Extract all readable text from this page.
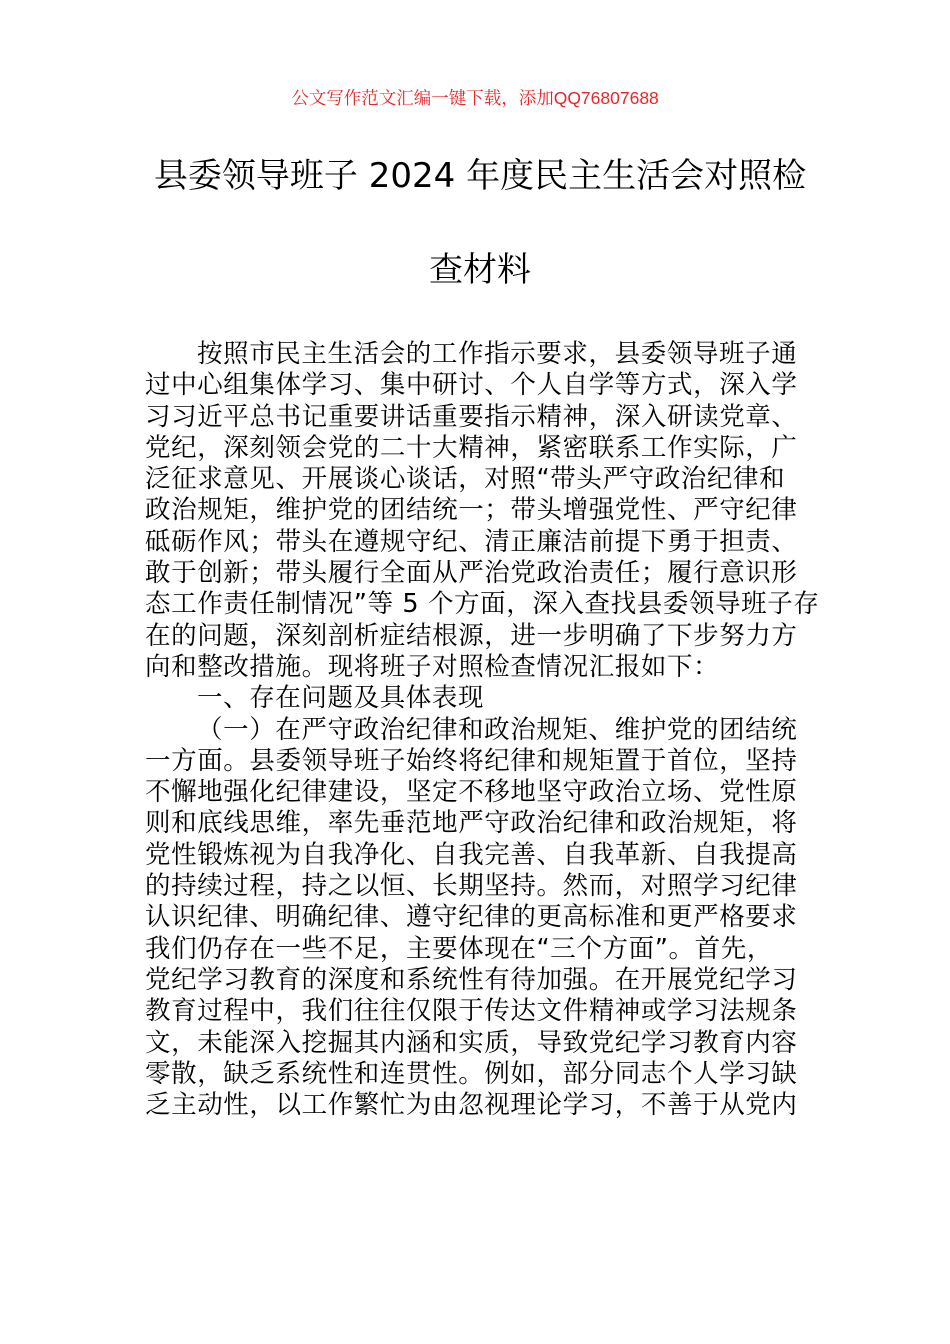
公文写作范文汇编一键下载，添加QQ76807688
县委领导班子 2024 年度民主生活会对照检
查材料
按照市民主生活会的工作指示要求，县委领导班子通
过中心组集体学习、集中研讨、个人自学等方式，深入学
习习近平总书记重要讲话重要指示精神，深入研读党章、
党纪，深刻领会党的二十大精神，紧密联系工作实际，广
泛征求意见、开展谈心谈话，对照“带头严守政治纪律和
政治规矩，维护党的团结统一；带头增强党性、严守纪律
砥砺作风；带头在遵规守纪、清正廉洁前提下勇于担责、
敢于创新；带头履行全面从严治党政治责任；履行意识形
态工作责任制情况”等 5 个方面，深入查找县委领导班子存
在的问题，深刻剖析症结根源，进一步明确了下步努力方
向和整改措施。现将班子对照检查情况汇报如下：
一、存在问题及具体表现
（一）在严守政治纪律和政治规矩、维护党的团结统
一方面。县委领导班子始终将纪律和规矩置于首位，坚持
不懈地强化纪律建设，坚定不移地坚守政治立场、党性原
则和底线思维，率先垂范地严守政治纪律和政治规矩，将
党性锻炼视为自我净化、自我完善、自我革新、自我提高
的持续过程，持之以恒、长期坚持。然而，对照学习纪律
认识纪律、明确纪律、遵守纪律的更高标准和更严格要求
我们仍存在一些不足，主要体现在“三个方面”。首先，
党纪学习教育的深度和系统性有待加强。在开展党纪学习
教育过程中，我们往往仅限于传达文件精神或学习法规条
文，未能深入挖掘其内涵和实质，导致党纪学习教育内容
零散，缺乏系统性和连贯性。例如，部分同志个人学习缺
乏主动性，以工作繁忙为由忽视理论学习，不善于从党内
